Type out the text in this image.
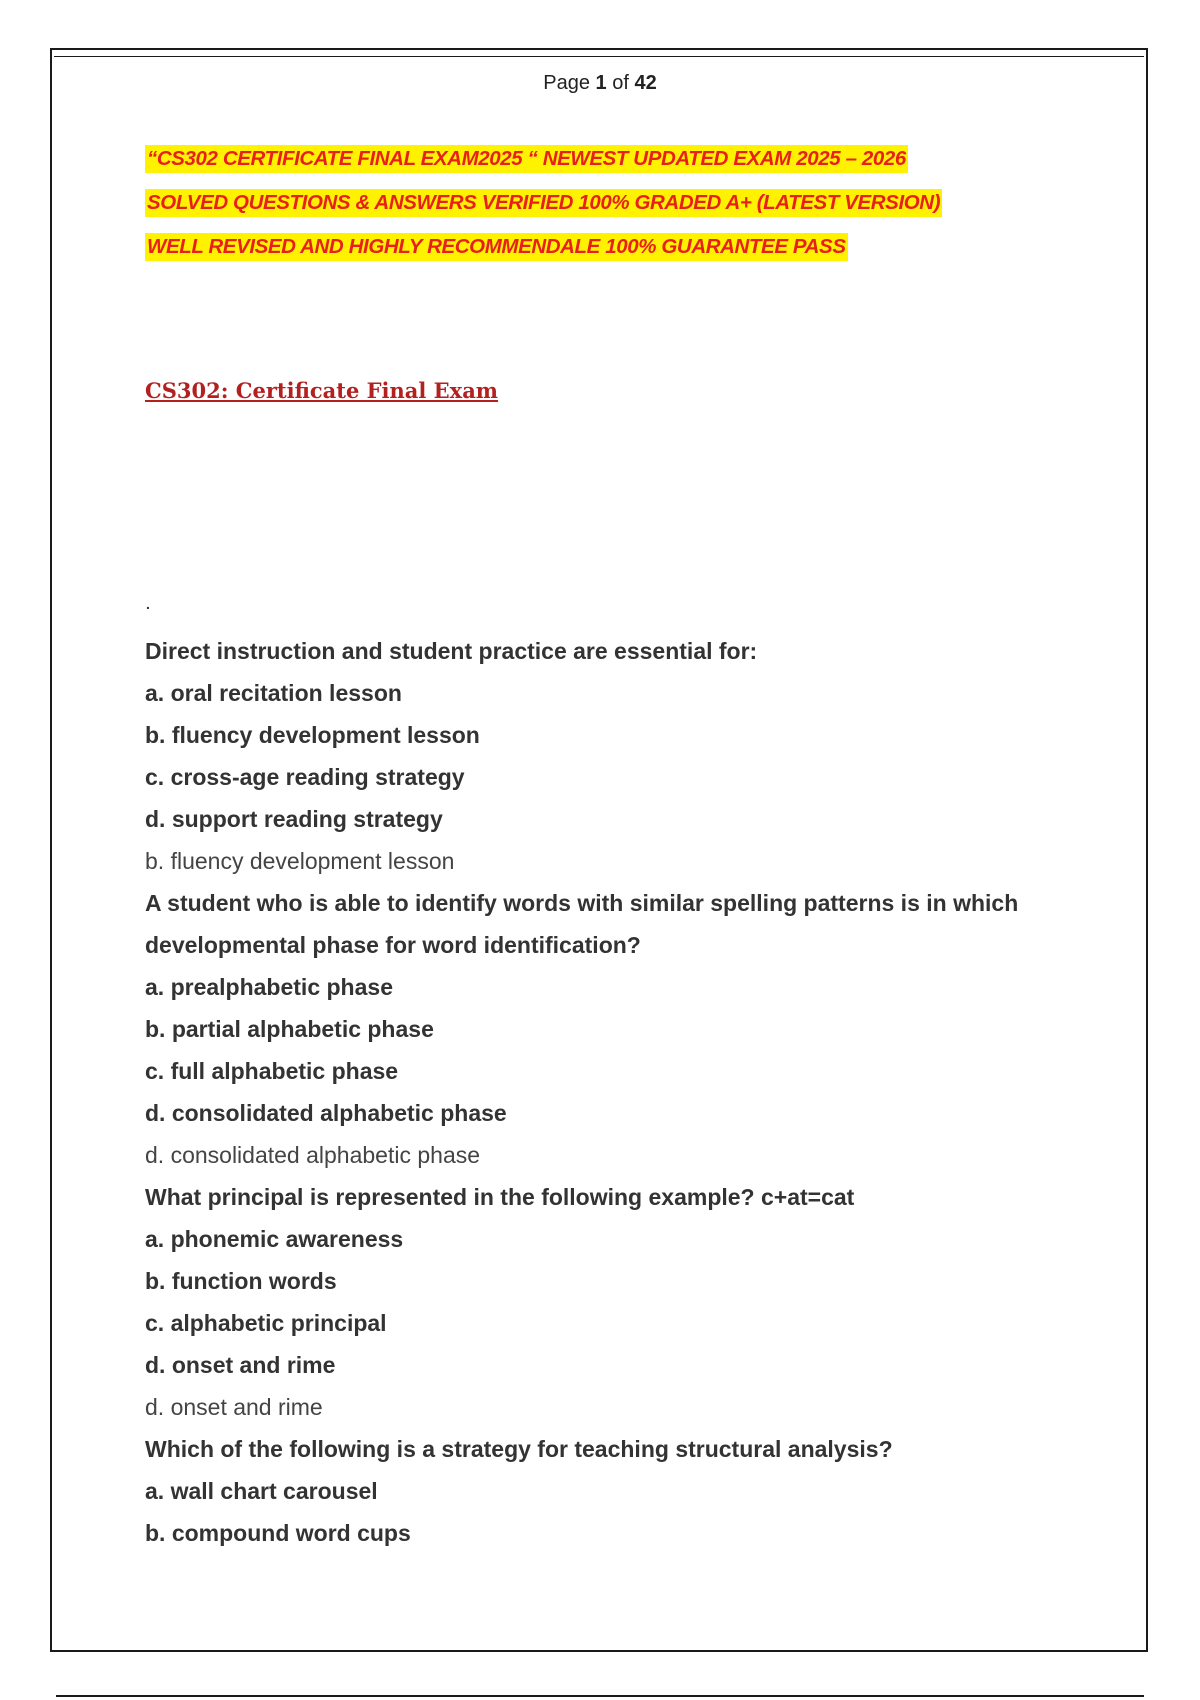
Page 1 of 42
“CS302 CERTIFICATE FINAL EXAM2025 “ NEWEST UPDATED EXAM 2025 – 2026
SOLVED QUESTIONS & ANSWERS VERIFIED 100% GRADED A+ (LATEST VERSION)
WELL REVISED AND HIGHLY RECOMMENDALE 100% GUARANTEE PASS
CS302: Certificate Final Exam
.

Direct instruction and student practice are essential for:

a. oral recitation lesson

b. fluency development lesson

c. cross-age reading strategy

d. support reading strategy

b. fluency development lesson

A student who is able to identify words with similar spelling patterns is in which developmental phase for word identification?

a. prealphabetic phase

b. partial alphabetic phase

c. full alphabetic phase

d. consolidated alphabetic phase

d. consolidated alphabetic phase

What principal is represented in the following example? c+at=cat

a. phonemic awareness

b. function words

c. alphabetic principal

d. onset and rime

d. onset and rime

Which of the following is a strategy for teaching structural analysis?

a. wall chart carousel

b. compound word cups
